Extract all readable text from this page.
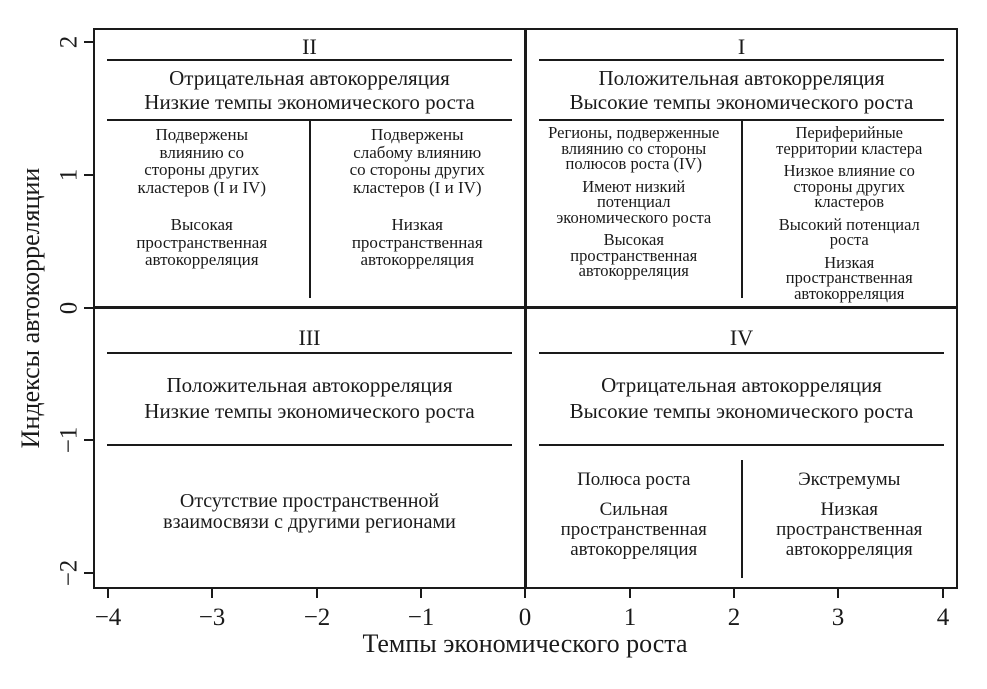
Индексы автокорреляции
2
1
0
−1
−2
II
Отрицательная автокорреляция
Низкие темпы экономического роста

Подвержены
влиянию со
стороны других
кластеров (I и IV)

Высокая
пространственная
автокорреляция

Подвержены
слабому влиянию
со стороны других
кластеров (I и IV)

Низкая
пространственная
автокорреляция

I
Положительная автокорреляция
Высокие темпы экономического роста

Регионы, подверженные
влиянию со стороны
полюсов роста (IV)

Имеют низкий
потенциал
экономического роста

Высокая
пространственная
автокорреляция

Периферийные
территории кластера

Низкое влияние со
стороны других
кластеров

Высокий потенциал
роста

Низкая
пространственная
автокорреляция

III
Положительная автокорреляция
Низкие темпы экономического роста

Отсутствие пространственной
взаимосвязи с другими регионами

IV
Отрицательная автокорреляция
Высокие темпы экономического роста

Полюса роста

Сильная
пространственная
автокорреляция

Экстремумы

Низкая
пространственная
автокорреляция

−4	−3	−2	−1	0	1	2	3	4
Темпы экономического роста
